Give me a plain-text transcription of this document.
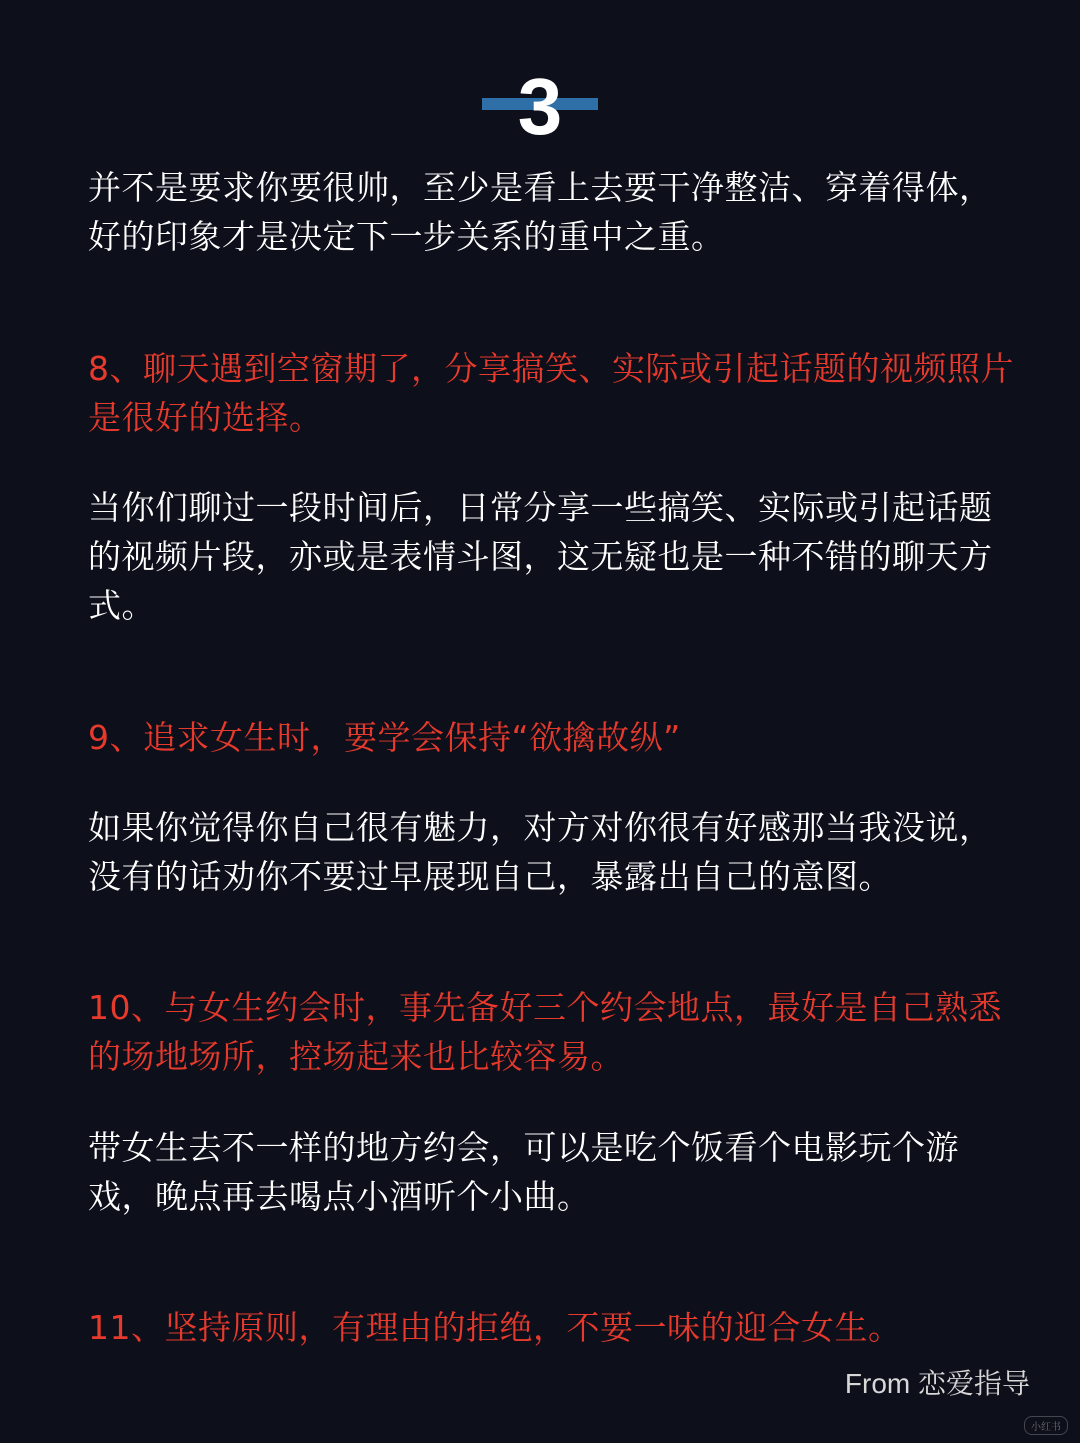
3

并不是要求你要很帅，至少是看上去要干净整洁、穿着得体，好的印象才是决定下一步关系的重中之重。

8、聊天遇到空窗期了，分享搞笑、实际或引起话题的视频照片是很好的选择。

当你们聊过一段时间后，日常分享一些搞笑、实际或引起话题的视频片段，亦或是表情斗图，这无疑也是一种不错的聊天方式。

9、追求女生时，要学会保持“欲擒故纵”

如果你觉得你自己很有魅力，对方对你很有好感那当我没说，没有的话劝你不要过早展现自己，暴露出自己的意图。

10、与女生约会时，事先备好三个约会地点，最好是自己熟悉的场地场所，控场起来也比较容易。

带女生去不一样的地方约会，可以是吃个饭看个电影玩个游戏，晚点再去喝点小酒听个小曲。

11、坚持原则，有理由的拒绝，不要一味的迎合女生。

From 恋爱指导
小红书
